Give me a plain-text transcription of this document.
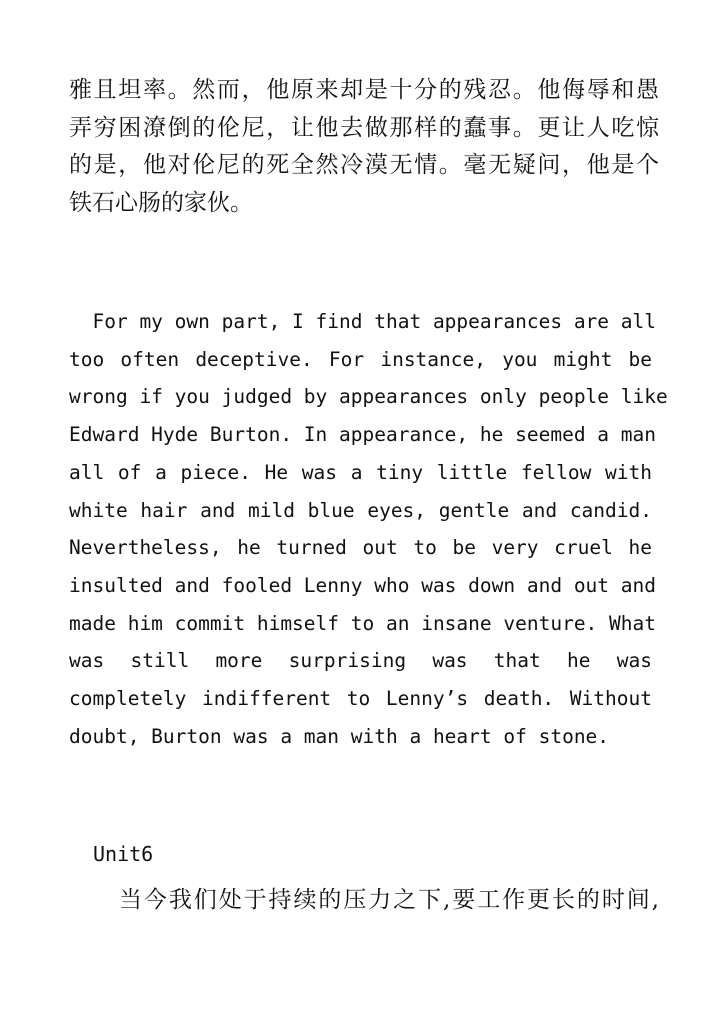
雅且坦率。然而，他原来却是十分的残忍。他侮辱和愚
弄穷困潦倒的伦尼，让他去做那样的蠢事。更让人吃惊
的是，他对伦尼的死全然冷漠无情。毫无疑问，他是个
铁石心肠的家伙。
For my own part, I find that appearances are all
too often deceptive. For instance, you might be
wrong if you judged by appearances only people like
Edward Hyde Burton. In appearance, he seemed a man
all of a piece. He was a tiny little fellow with
white hair and mild blue eyes, gentle and candid.
Nevertheless, he turned out to be very cruel he
insulted and fooled Lenny who was down and out and
made him commit himself to an insane venture. What
was still more surprising was that he was
completely indifferent to Lenny’s death. Without
doubt, Burton was a man with a heart of stone.
Unit6
当今我们处于持续的压力之下,要工作更长的时间,
